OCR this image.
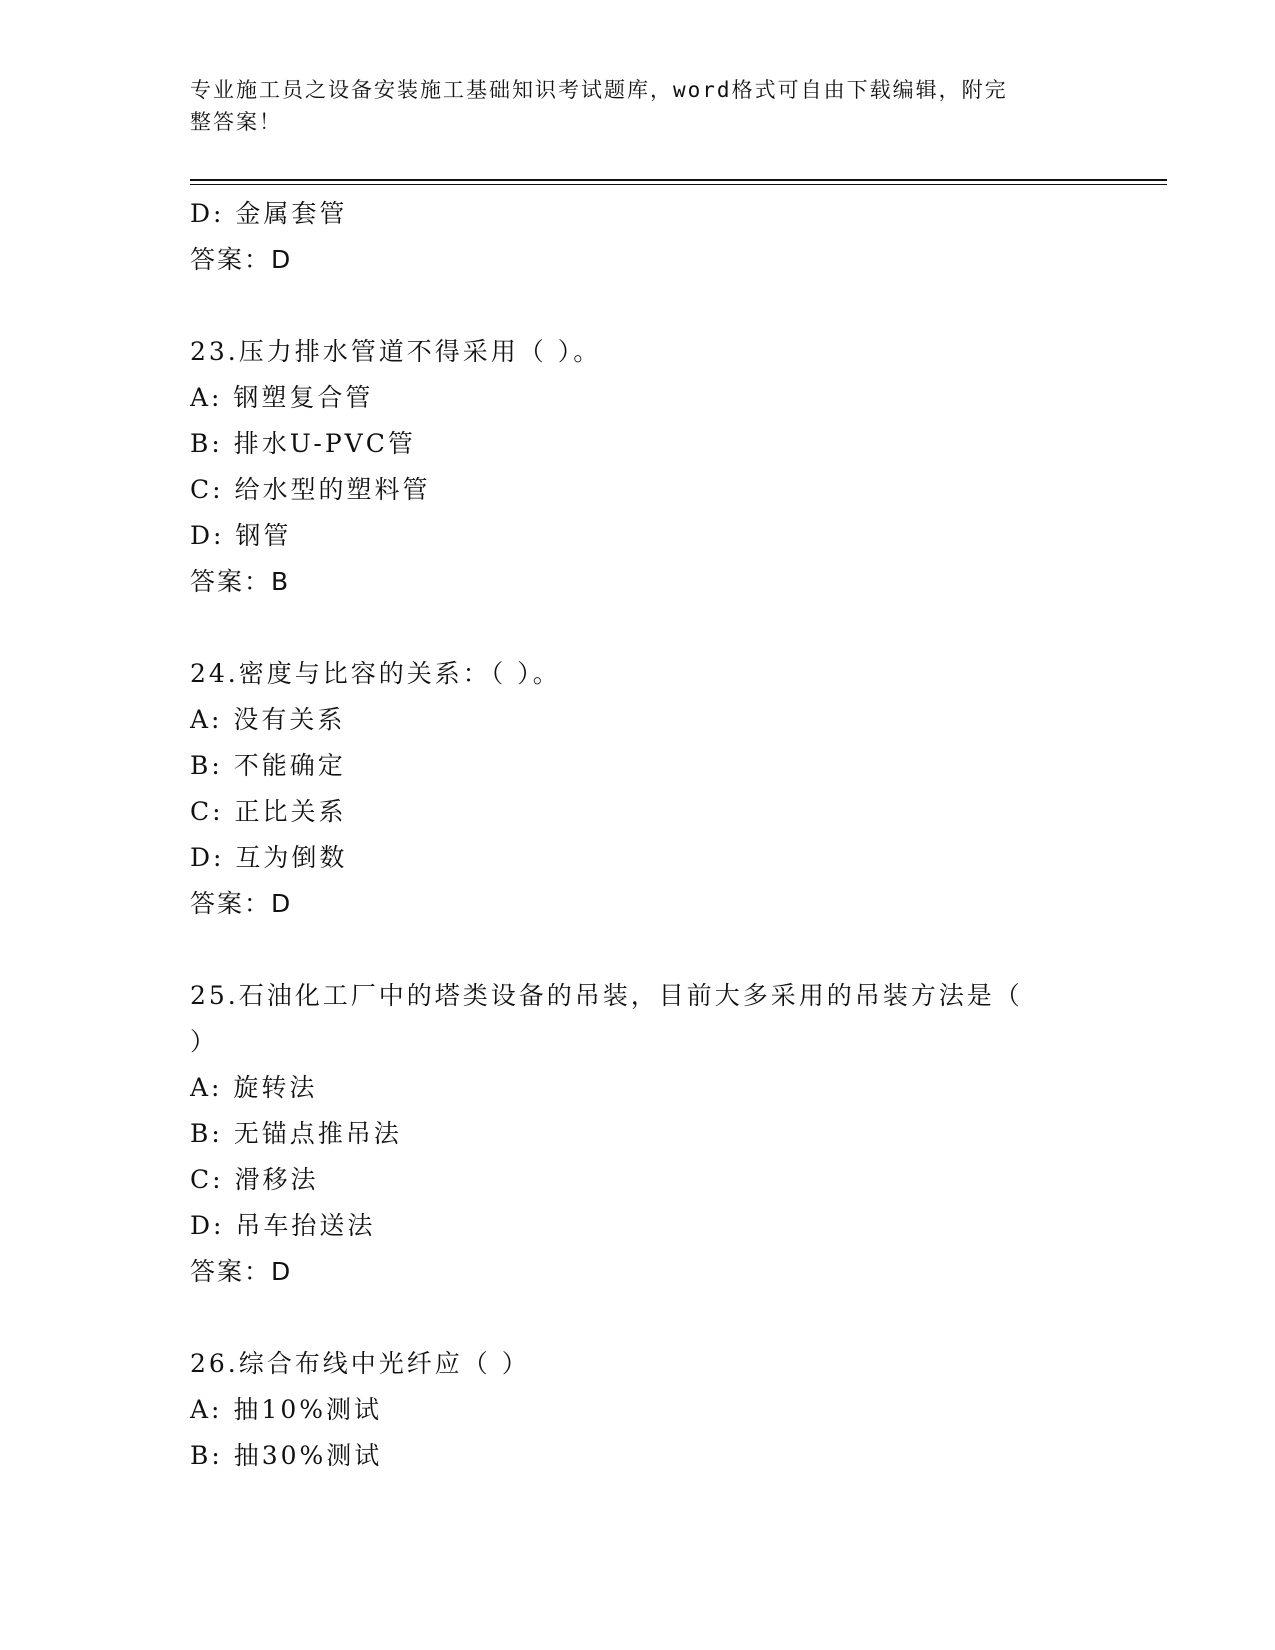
专业施工员之设备安装施工基础知识考试题库，word格式可自由下载编辑，附完
整答案！
D: 金属套管
答案：D
23.压力排水管道不得采用（ ）。
A: 钢塑复合管
B: 排水U-PVC管
C: 给水型的塑料管
D: 钢管
答案：B
24.密度与比容的关系：（ ）。
A: 没有关系
B: 不能确定
C: 正比关系
D: 互为倒数
答案：D
25.石油化工厂中的塔类设备的吊装，目前大多采用的吊装方法是（
）
A: 旋转法
B: 无锚点推吊法
C: 滑移法
D: 吊车抬送法
答案：D
26.综合布线中光纤应（ ）
A: 抽10%测试
B: 抽30%测试
